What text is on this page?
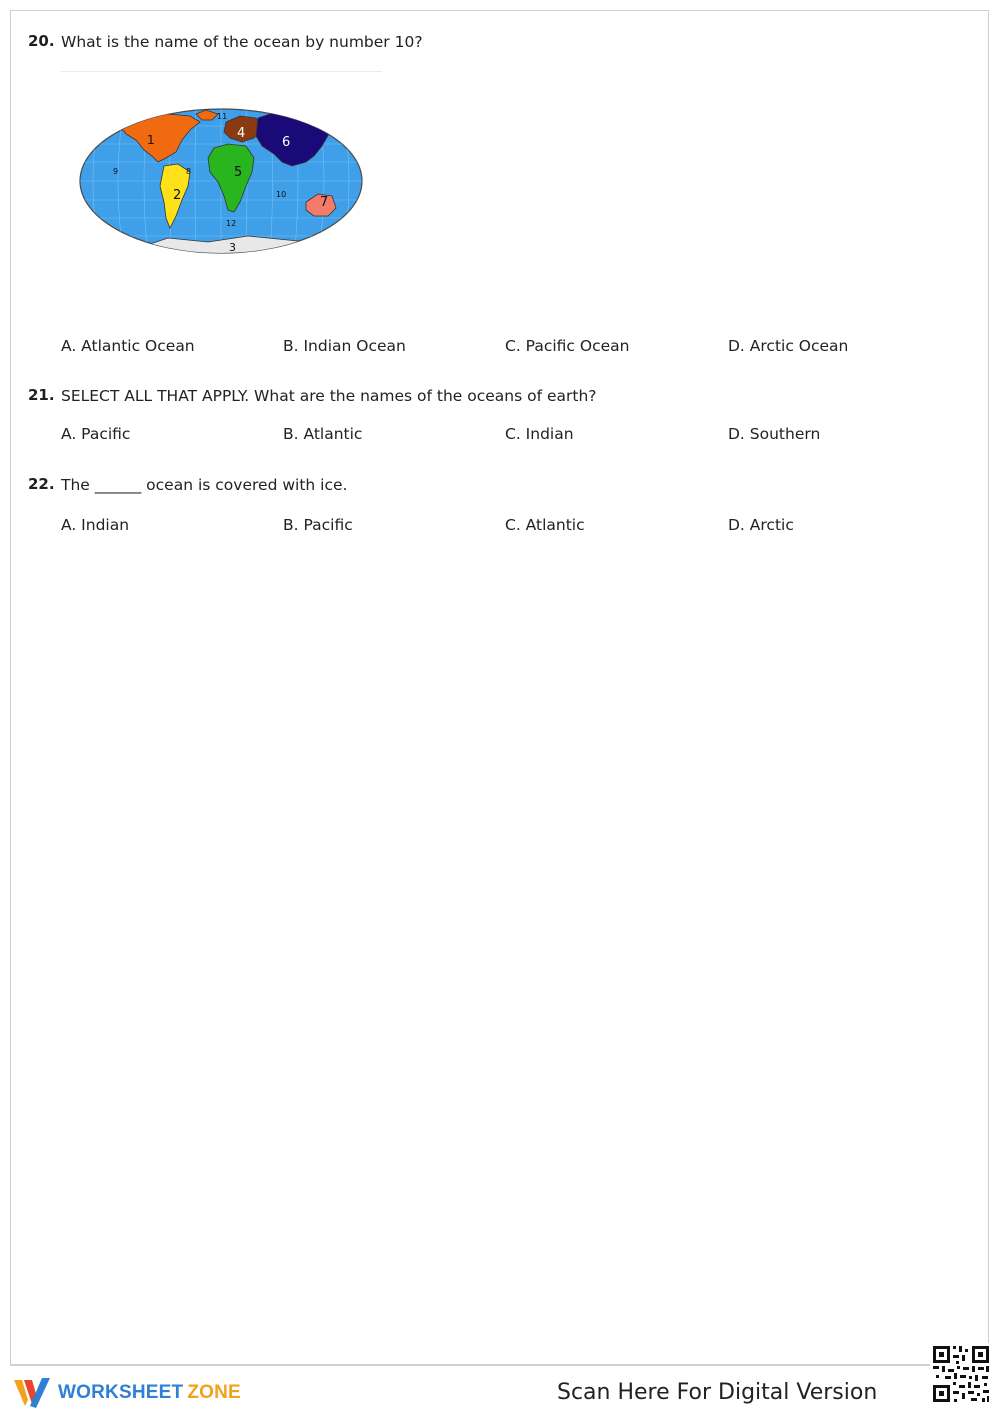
20. What is the name of the ocean by number 10?
A. Atlantic Ocean	B. Indian Ocean	C. Pacific Ocean	D. Arctic Ocean
1
2
3
4
5
6
7
8
9
10
11
12
21. SELECT ALL THAT APPLY. What are the names of the oceans of earth?
A. Pacific	B. Atlantic	C. Indian	D. Southern
22. The ______ ocean is covered with ice.
A. Indian	B. Pacific	C. Atlantic	D. Arctic
WORKSHEET ZONE	Scan Here For Digital Version
